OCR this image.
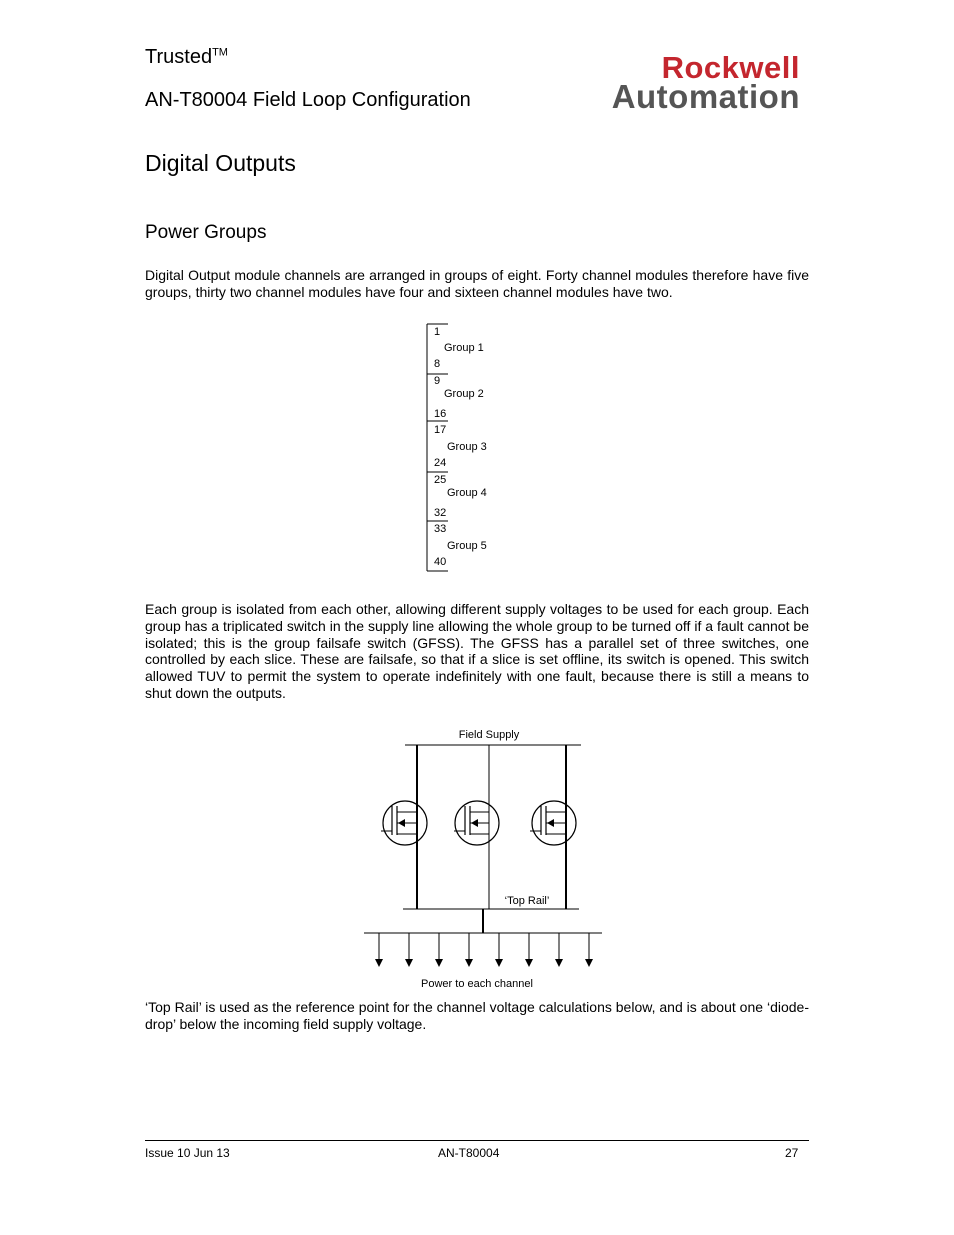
Trusted™
AN-T80004 Field Loop Configuration
Rockwell
Automation
Digital Outputs
Power Groups
Digital Output module channels are arranged in groups of eight. Forty channel modules therefore have five groups, thirty two channel modules have four and sixteen channel modules have two.
1
Group 1
8
9
Group 2
16
17
Group 3
24
25
Group 4
32
33
Group 5
40
Each group is isolated from each other, allowing different supply voltages to be used for each group. Each group has a triplicated switch in the supply line allowing the whole group to be turned off if a fault cannot be isolated; this is the group failsafe switch (GFSS). The GFSS has a parallel set of three switches, one controlled by each slice. These are failsafe, so that if a slice is set offline, its switch is opened. This switch allowed TUV to permit the system to operate indefinitely with one fault, because there is still a means to shut down the outputs.
Field Supply
‘Top Rail’
Power to each channel
‘Top Rail’ is used as the reference point for the channel voltage calculations below, and is about one ‘diode-drop’ below the incoming field supply voltage.
Issue 10 Jun 13	AN-T80004	27
